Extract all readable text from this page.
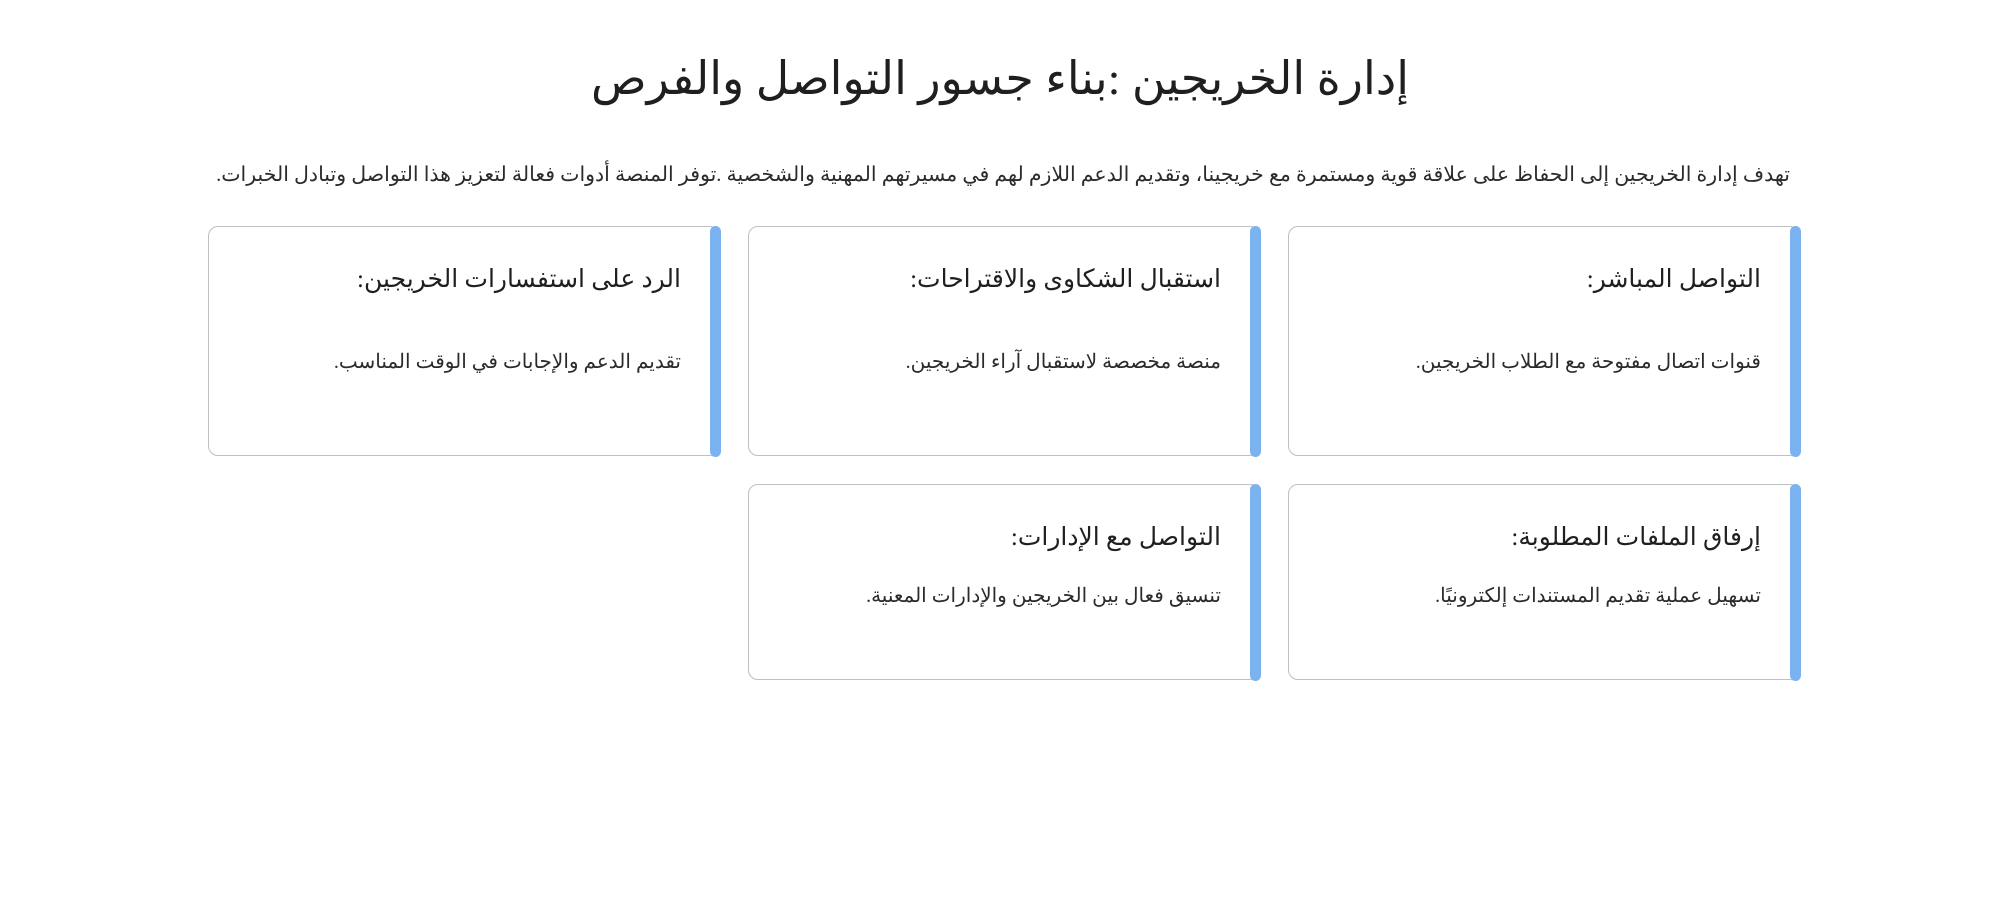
إدارة الخريجين :بناء جسور التواصل والفرص

تهدف إدارة الخريجين إلى الحفاظ على علاقة قوية ومستمرة مع خريجينا، وتقديم الدعم اللازم لهم في مسيرتهم المهنية والشخصية .توفر المنصة أدوات فعالة لتعزيز هذا التواصل وتبادل الخبرات.

التواصل المباشر:
قنوات اتصال مفتوحة مع الطلاب الخريجين.
استقبال الشكاوى والاقتراحات:
منصة مخصصة لاستقبال آراء الخريجين.
الرد على استفسارات الخريجين:
تقديم الدعم والإجابات في الوقت المناسب.
إرفاق الملفات المطلوبة:
تسهيل عملية تقديم المستندات إلكترونيًا.
التواصل مع الإدارات:
تنسيق فعال بين الخريجين والإدارات المعنية.
